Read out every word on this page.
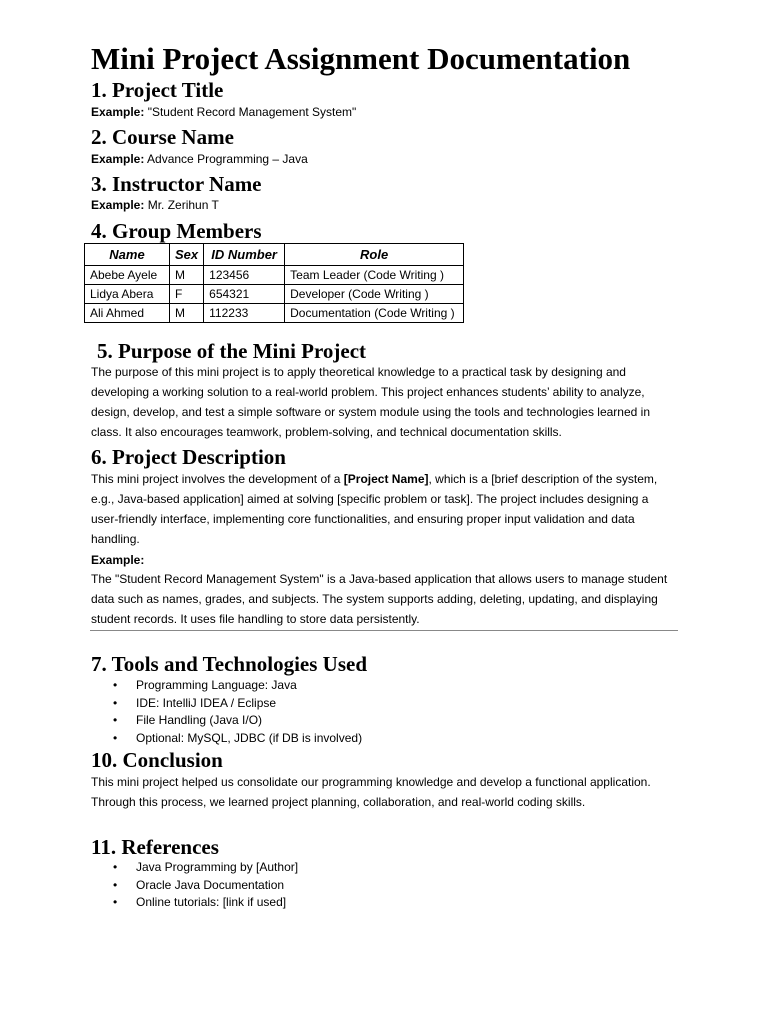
Mini Project Assignment Documentation
1. Project Title
Example: "Student Record Management System"
2. Course Name
Example: Advance Programming – Java
3. Instructor Name
Example: Mr. Zerihun T
4. Group Members
Name	Sex	ID Number	Role
Abebe Ayele	M	123456	Team Leader (Code Writing )
Lidya Abera	F	654321	Developer (Code Writing )
Ali Ahmed	M	112233	Documentation (Code Writing )
5. Purpose of the Mini Project
The purpose of this mini project is to apply theoretical knowledge to a practical task by designing and developing a working solution to a real-world problem. This project enhances students’ ability to analyze, design, develop, and test a simple software or system module using the tools and technologies learned in class. It also encourages teamwork, problem-solving, and technical documentation skills.
6. Project Description
This mini project involves the development of a [Project Name], which is a [brief description of the system, e.g., Java-based application] aimed at solving [specific problem or task]. The project includes designing a user-friendly interface, implementing core functionalities, and ensuring proper input validation and data handling.
Example:
The "Student Record Management System" is a Java-based application that allows users to manage student data such as names, grades, and subjects. The system supports adding, deleting, updating, and displaying student records. It uses file handling to store data persistently.
7. Tools and Technologies Used
• Programming Language: Java
• IDE: IntelliJ IDEA / Eclipse
• File Handling (Java I/O)
• Optional: MySQL, JDBC (if DB is involved)
10. Conclusion
This mini project helped us consolidate our programming knowledge and develop a functional application. Through this process, we learned project planning, collaboration, and real-world coding skills.
11. References
• Java Programming by [Author]
• Oracle Java Documentation
• Online tutorials: [link if used]
